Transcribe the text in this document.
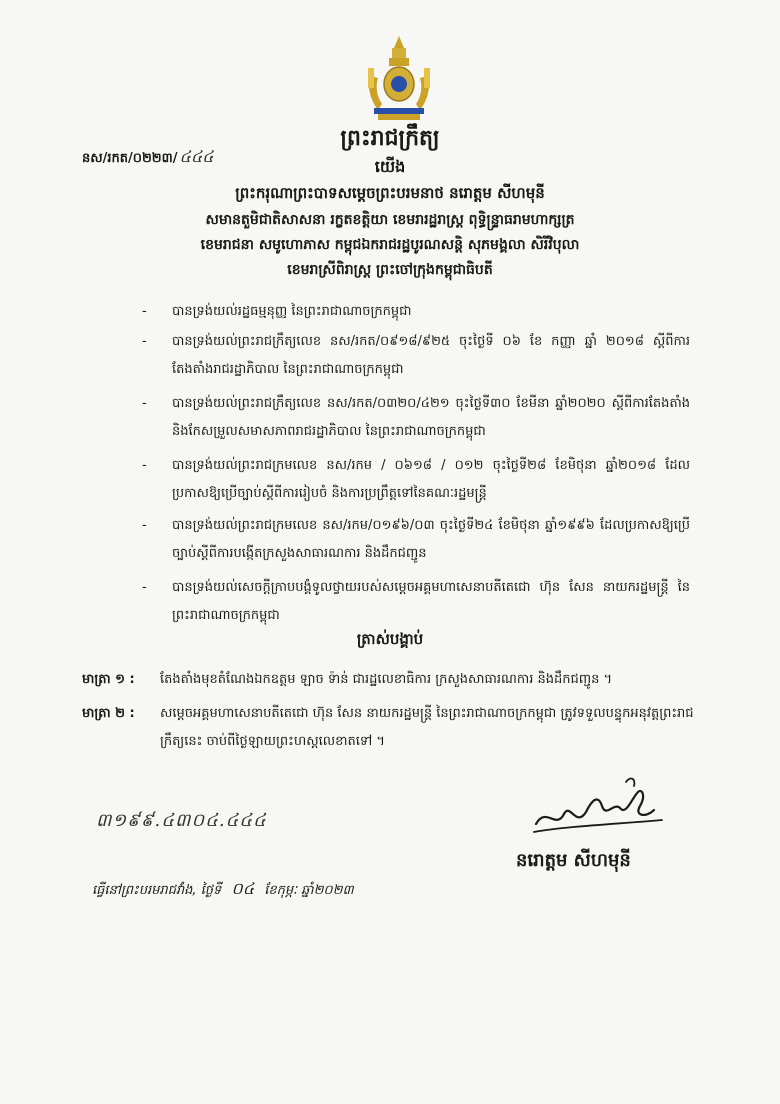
នស/រកត/០២២៣/ ៤៤៤
ព្រះរាជក្រឹត្យ
យើង
ព្រះករុណាព្រះបាទសម្តេចព្រះបរមនាថ នរោត្តម សីហមុនី
សមានតួមិជាតិសាសនា រក្ខតខត្តិយា ខេមរារដ្ឋរាស្ត្រ ពុទ្ធិន្រ្ទាធរាមហាក្សត្រ
ខេមរាជនា សមូហោភាស កម្ពុជឯករាជរដ្ឋបូរណសន្តិ សុភមង្គលា សិរីវិបុលា
ខេមរាស្រីពិរាស្ត្រ ព្រះចៅក្រុងកម្ពុជាធិបតី
- បានទ្រង់យល់រដ្ឋធម្មនុញ្ញ នៃព្រះរាជាណាចក្រកម្ពុជា
- បានទ្រង់យល់ព្រះរាជក្រឹត្យលេខ នស/រកត/០៩១៨/៩២៥ ចុះថ្ងៃទី ០៦ ខែ កញ្ញា ឆ្នាំ ២០១៨ ស្តីពីការតែងតាំងរាជរដ្ឋាភិបាល នៃព្រះរាជាណាចក្រកម្ពុជា
- បានទ្រង់យល់ព្រះរាជក្រឹត្យលេខ នស/រកត/០៣២០/៤២១ ចុះថ្ងៃទី៣០ ខែមីនា ឆ្នាំ២០២០ ស្តីពីការតែងតាំង និងកែសម្រួលសមាសភាពរាជរដ្ឋាភិបាល នៃព្រះរាជាណាចក្រកម្ពុជា
- បានទ្រង់យល់ព្រះរាជក្រមលេខ នស/រកម / ០៦១៨ / ០១២ ចុះថ្ងៃទី២៨ ខែមិថុនា ឆ្នាំ២០១៨ ដែលប្រកាសឱ្យប្រើច្បាប់ស្តីពីការរៀបចំ និងការប្រព្រឹត្តទៅនៃគណៈរដ្ឋមន្ត្រី
- បានទ្រង់យល់ព្រះរាជក្រមលេខ នស/រកម/០១៩៦/០៣ ចុះថ្ងៃទី២៤ ខែមិថុនា ឆ្នាំ១៩៩៦ ដែលប្រកាសឱ្យប្រើច្បាប់ស្តីពីការបង្កើតក្រសួងសាធារណការ និងដឹកជញ្ជូន
- បានទ្រង់យល់សេចក្តីក្រាបបង្គំទូលថ្វាយរបស់សម្តេចអគ្គមហាសេនាបតីតេជោ ហ៊ុន សែន នាយករដ្ឋមន្ត្រី នៃព្រះរាជាណាចក្រកម្ពុជា
ត្រាស់បង្គាប់
មាត្រា ១ : តែងតាំងមុខតំណែងឯកឧត្តម ឡាច ទ៉ាន់ ជារដ្ឋលេខាធិការ ក្រសួងសាធារណការ និងដឹកជញ្ជូន ។
មាត្រា ២ : សម្តេចអគ្គមហាសេនាបតីតេជោ ហ៊ុន សែន នាយករដ្ឋមន្ត្រី នៃព្រះរាជាណាចក្រកម្ពុជា ត្រូវទទួលបន្ទុកអនុវត្តព្រះរាជក្រឹត្យនេះ ចាប់ពីថ្ងៃឡាយព្រះហស្តលេខាតទៅ ។
៣១៩៩.៤៣០៤.៤៤៤
នរោត្តម សីហមុនី
ធ្វើនៅព្រះបរមរាជវាំង, ថ្ងៃទី ០៤ ខែកុម្ភៈ ឆ្នាំ២០២៣
